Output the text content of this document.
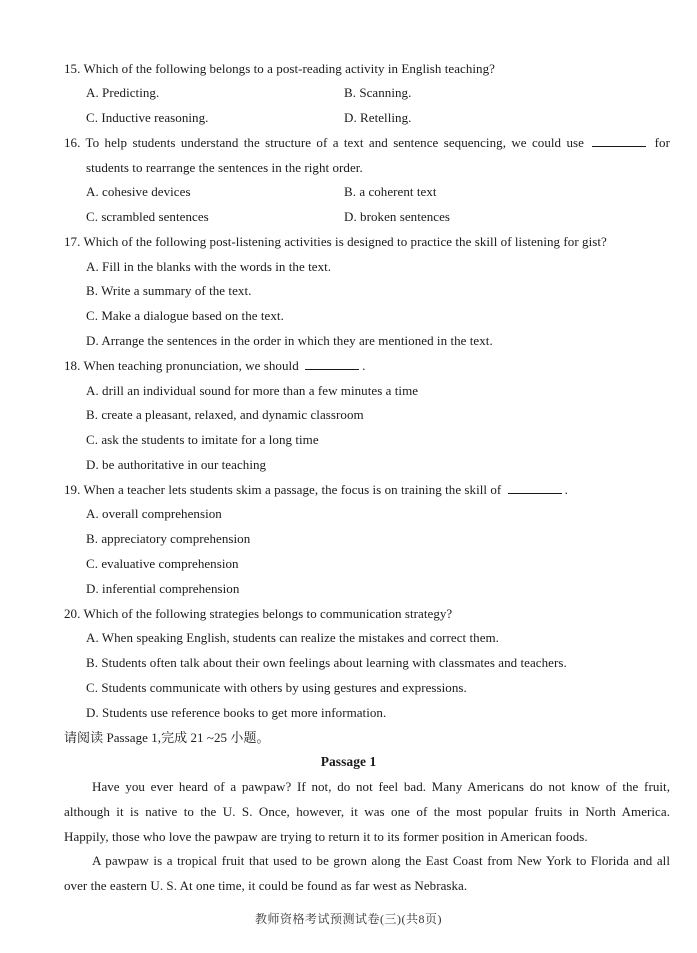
15. Which of the following belongs to a post-reading activity in English teaching?
A. Predicting.	B. Scanning.
C. Inductive reasoning.	D. Retelling.
16. To help students understand the structure of a text and sentence sequencing, we could use	for
students to rearrange the sentences in the right order.
A. cohesive devices	B. a coherent text
C. scrambled sentences	D. broken sentences
17. Which of the following post-listening activities is designed to practice the skill of listening for gist?
A. Fill in the blanks with the words in the text.
B. Write a summary of the text.
C. Make a dialogue based on the text.
D. Arrange the sentences in the order in which they are mentioned in the text.
18. When teaching pronunciation, we should	.
A. drill an individual sound for more than a few minutes a time
B. create a pleasant, relaxed, and dynamic classroom
C. ask the students to imitate for a long time
D. be authoritative in our teaching
19. When a teacher lets students skim a passage, the focus is on training the skill of	.
A. overall comprehension
B. appreciatory comprehension
C. evaluative comprehension
D. inferential comprehension
20. Which of the following strategies belongs to communication strategy?
A. When speaking English, students can realize the mistakes and correct them.
B. Students often talk about their own feelings about learning with classmates and teachers.
C. Students communicate with others by using gestures and expressions.
D. Students use reference books to get more information.
请阅读 Passage 1,完成 21 ~25 小题。
Passage 1
Have you ever heard of a pawpaw? If not, do not feel bad. Many Americans do not know of the fruit,
although it is native to the U. S. Once, however, it was one of the most popular fruits in North America.
Happily, those who love the pawpaw are trying to return it to its former position in American foods.
A pawpaw is a tropical fruit that used to be grown along the East Coast from New York to Florida and all
over the eastern U. S. At one time, it could be found as far west as Nebraska.
教师资格考试预测试卷(三)(共8页)
